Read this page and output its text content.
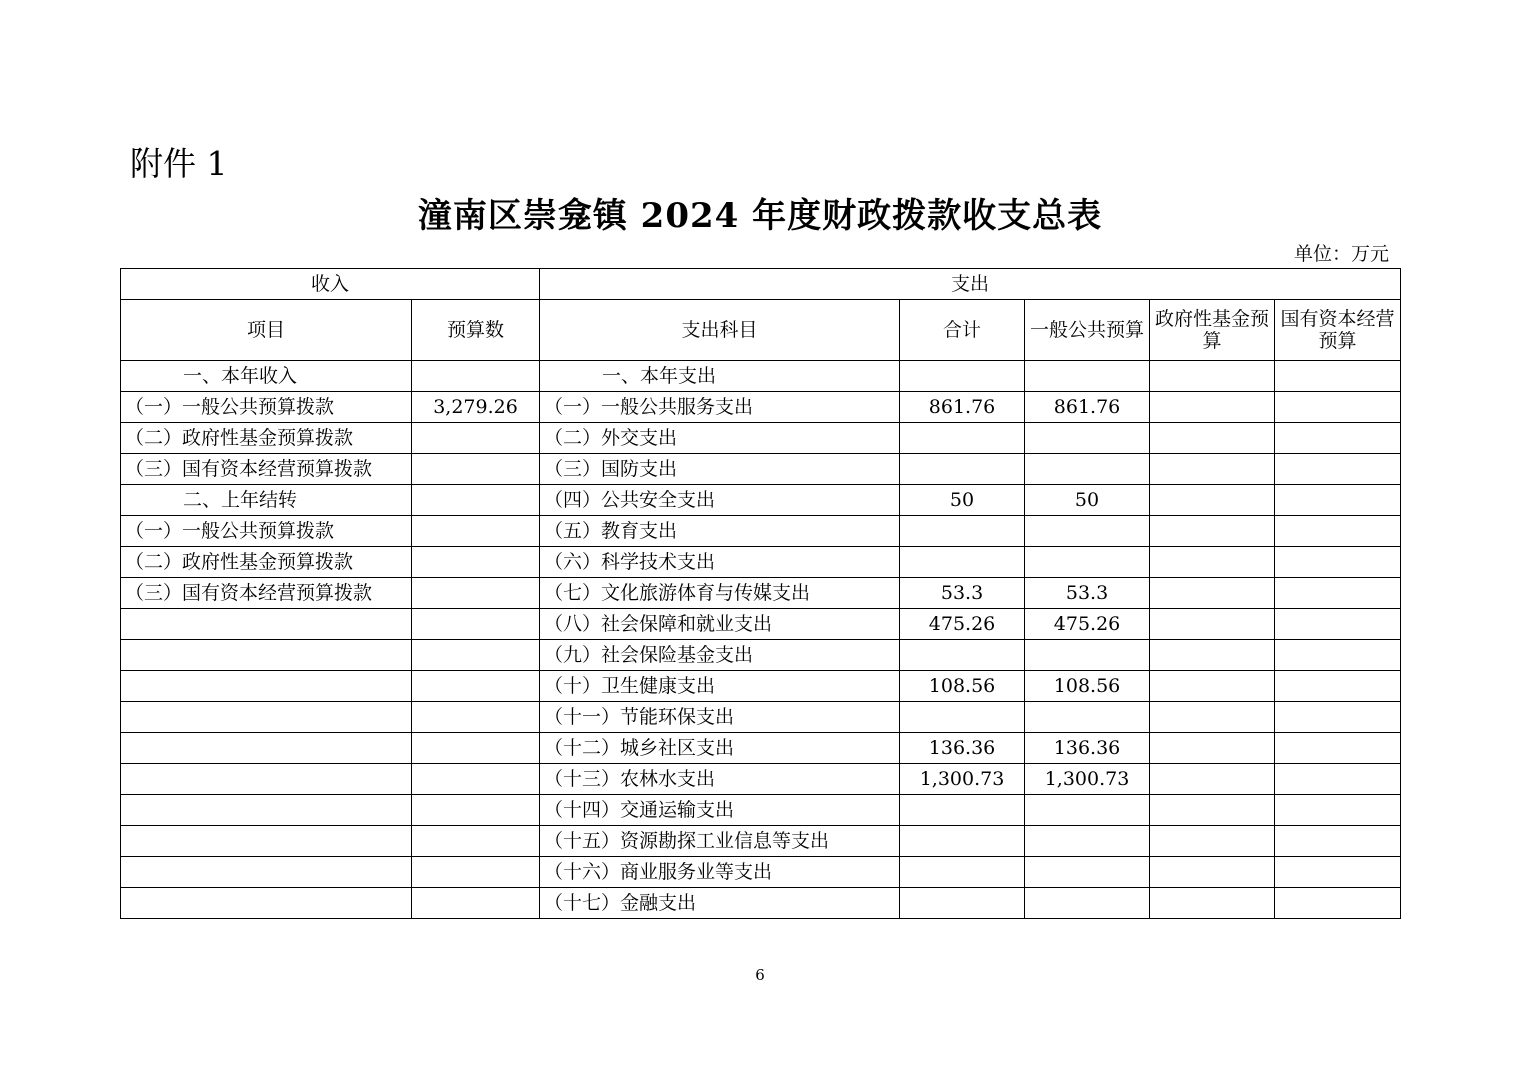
附件 1
潼南区崇龛镇 2024 年度财政拨款收支总表
单位：万元
收入		支出				
项目	预算数	支出科目	合计	一般公共预算	政府性基金预算	国有资本经营预算
一、本年收入		一、本年支出				
（一）一般公共预算拨款	3,279.26	（一）一般公共服务支出	861.76	861.76		
（二）政府性基金预算拨款		（二）外交支出				
（三）国有资本经营预算拨款		（三）国防支出				
二、上年结转		（四）公共安全支出	50	50		
（一）一般公共预算拨款		（五）教育支出				
（二）政府性基金预算拨款		（六）科学技术支出				
（三）国有资本经营预算拨款		（七）文化旅游体育与传媒支出	53.3	53.3		
		（八）社会保障和就业支出	475.26	475.26		
		（九）社会保险基金支出				
		（十）卫生健康支出	108.56	108.56		
		（十一）节能环保支出				
		（十二）城乡社区支出	136.36	136.36		
		（十三）农林水支出	1,300.73	1,300.73		
		（十四）交通运输支出				
		（十五）资源勘探工业信息等支出				
		（十六）商业服务业等支出				
		（十七）金融支出				
6
